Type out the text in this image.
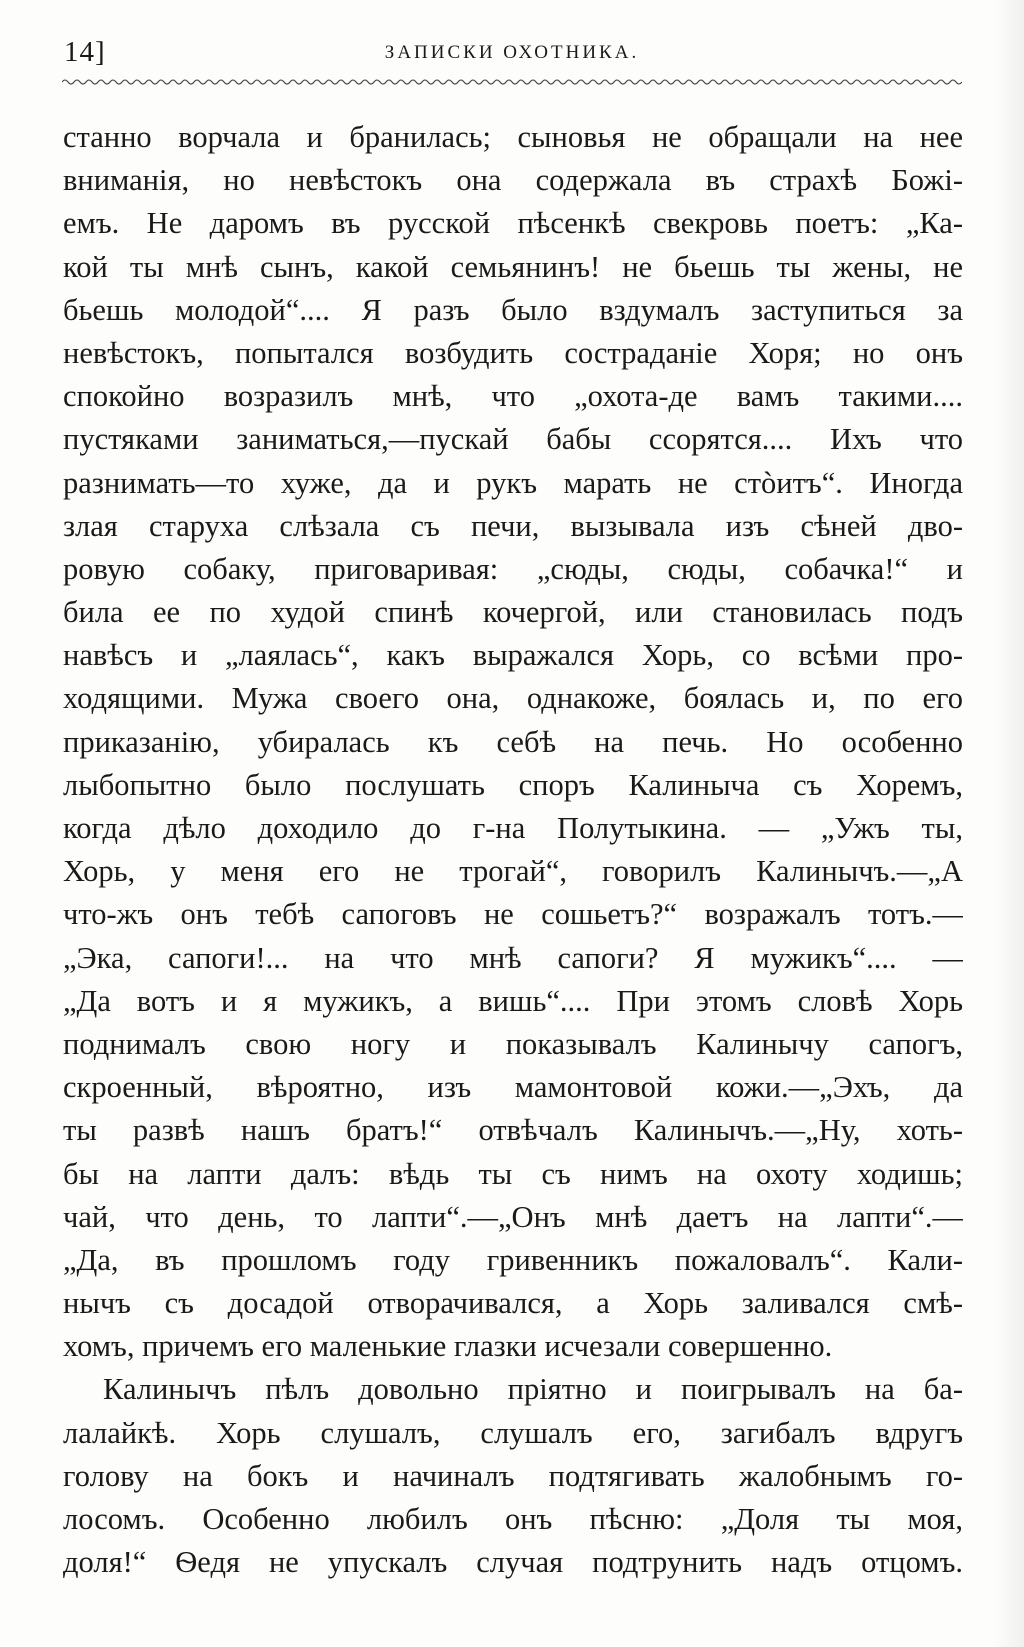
14]	ЗАПИСКИ ОХОТНИКА.
станно ворчала и бранилась; сыновья не обращали на нее
вниманія, но невѣстокъ она содержала въ страхѣ Божі-
емъ. Не даромъ въ русской пѣсенкѣ свекровь поетъ: „Ка-
кой ты мнѣ сынъ, какой семьянинъ! не бьешь ты жены, не
бьешь молодой“.... Я разъ было вздумалъ заступиться за
невѣстокъ, попытался возбудить состраданіе Хоря; но онъ
спокойно возразилъ мнѣ, что „охота-де вамъ такими....
пустяками заниматься,—пускай бабы ссорятся.... Ихъ что
разнимать—то хуже, да и рукъ марать не стòитъ“. Иногда
злая старуха слѣзала съ печи, вызывала изъ сѣней дво-
ровую собаку, приговаривая: „сюды, сюды, собачка!“ и
била ее по худой спинѣ кочергой, или становилась подъ
навѣсъ и „лаялась“, какъ выражался Хорь, со всѣми про-
ходящими. Мужа своего она, однакоже, боялась и, по его
приказанію, убиралась къ себѣ на печь. Но особенно
лыбопытно было послушать споръ Калиныча съ Хоремъ,
когда дѣло доходило до г-на Полутыкина. — „Ужъ ты,
Хорь, у меня его не трогай“, говорилъ Калинычъ.—„А
что-жъ онъ тебѣ сапоговъ не сошьетъ?“ возражалъ тотъ.—
„Эка, сапоги!... на что мнѣ сапоги? Я мужикъ“.... —
„Да вотъ и я мужикъ, а вишь“.... При этомъ словѣ Хорь
поднималъ свою ногу и показывалъ Калинычу сапогъ,
скроенный, вѣроятно, изъ мамонтовой кожи.—„Эхъ, да
ты развѣ нашъ братъ!“ отвѣчалъ Калинычъ.—„Ну, хоть-
бы на лапти далъ: вѣдь ты съ нимъ на охоту ходишь;
чай, что день, то лапти“.—„Онъ мнѣ даетъ на лапти“.—
„Да, въ прошломъ году гривенникъ пожаловалъ“. Кали-
нычъ съ досадой отворачивался, а Хорь заливался смѣ-
хомъ, причемъ его маленькие глазки исчезали совершенно.
Калинычъ пѣлъ довольно пріятно и поигрывалъ на ба-
лалайкѣ. Хорь слушалъ, слушалъ его, загибалъ вдругъ
голову на бокъ и начиналъ подтягивать жалобнымъ го-
лосомъ. Особенно любилъ онъ пѣсню: „Доля ты моя,
доля!“ Ѳедя не упускалъ случая подтрунить надъ отцомъ.
